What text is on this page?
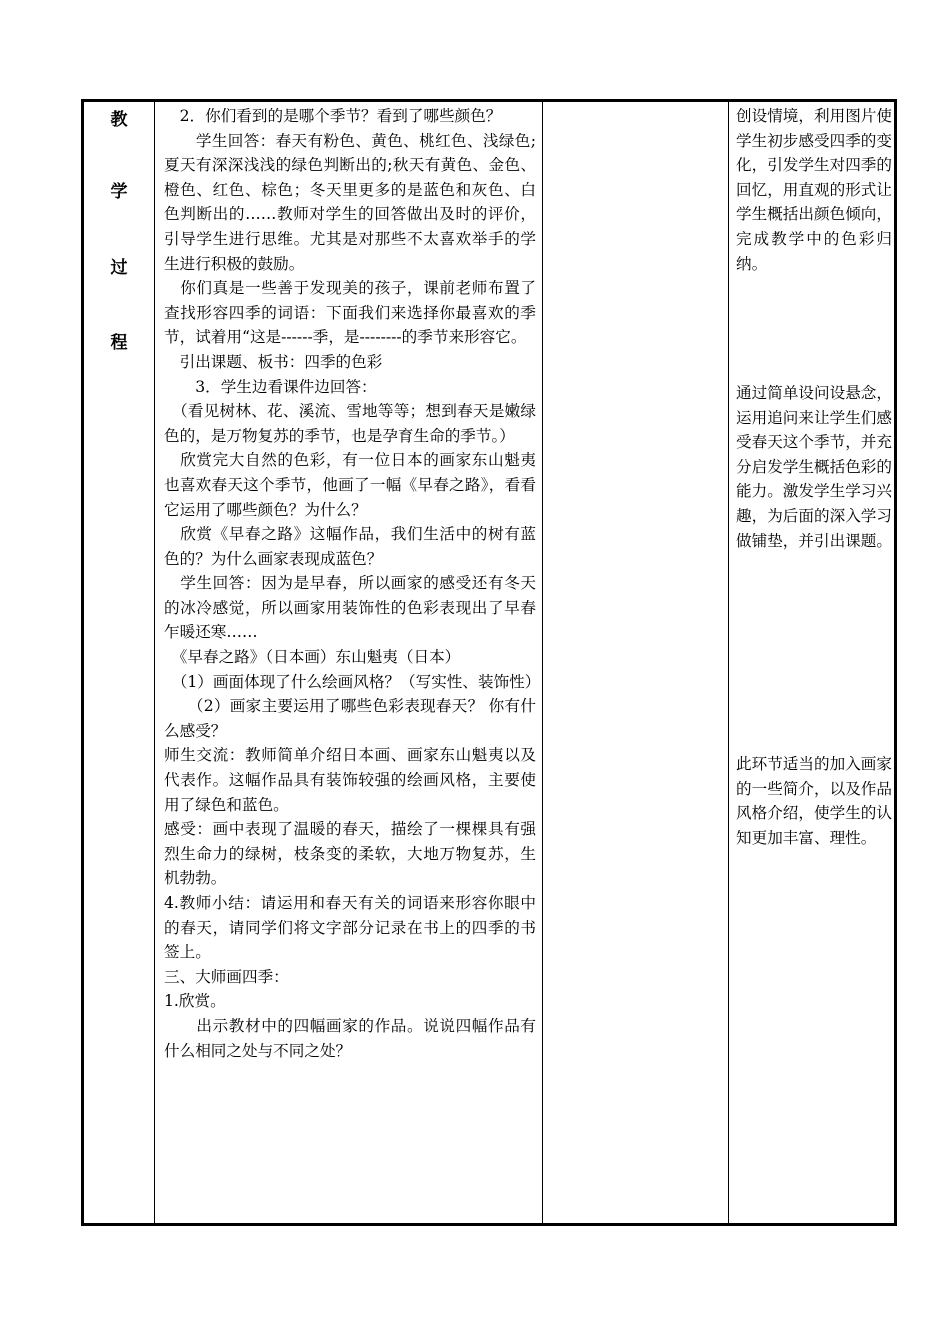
教
学
过
程

　2．你们看到的是哪个季节？看到了哪些颜色？

　　学生回答：春天有粉色、黄色、桃红色、浅绿色;夏天有深深浅浅的绿色判断出的;秋天有黄色、金色、橙色、红色、棕色；冬天里更多的是蓝色和灰色、白色判断出的……教师对学生的回答做出及时的评价，引导学生进行思维。尤其是对那些不太喜欢举手的学生进行积极的鼓励。

　你们真是一些善于发现美的孩子，课前老师布置了查找形容四季的词语：下面我们来选择你最喜欢的季节，试着用“这是------季，是--------的季节来形容它。

　引出课题、板书：四季的色彩

　　3．学生边看课件边回答：

　（看见树林、花、溪流、雪地等等；想到春天是嫩绿色的，是万物复苏的季节，也是孕育生命的季节。）

　欣赏完大自然的色彩，有一位日本的画家东山魁夷也喜欢春天这个季节，他画了一幅《早春之路》，看看它运用了哪些颜色？为什么？

　欣赏《早春之路》这幅作品，我们生活中的树有蓝色的？为什么画家表现成蓝色？

　学生回答：因为是早春，所以画家的感受还有冬天的冰冷感觉，所以画家用装饰性的色彩表现出了早春乍暖还寒……

　《早春之路》（日本画）东山魁夷（日本）

　（1）画面体现了什么绘画风格？（写实性、装饰性）

　　（2）画家主要运用了哪些色彩表现春天？ 你有什么感受？

师生交流：教师简单介绍日本画、画家东山魁夷以及代表作。这幅作品具有装饰较强的绘画风格，主要使用了绿色和蓝色。

感受：画中表现了温暖的春天，描绘了一棵棵具有强烈生命力的绿树，枝条变的柔软，大地万物复苏，生机勃勃。

4.教师小结：请运用和春天有关的词语来形容你眼中的春天，请同学们将文字部分记录在书上的四季的书签上。

三、大师画四季：

1.欣赏。

　　出示教材中的四幅画家的作品。说说四幅作品有什么相同之处与不同之处？

创设情境，利用图片使学生初步感受四季的变化，引发学生对四季的回忆，用直观的形式让学生概括出颜色倾向，完成教学中的色彩归纳。

通过简单设问设悬念，运用追问来让学生们感受春天这个季节，并充分启发学生概括色彩的能力。激发学生学习兴趣，为后面的深入学习做铺垫，并引出课题。

此环节适当的加入画家的一些简介，以及作品风格介绍，使学生的认知更加丰富、理性。
